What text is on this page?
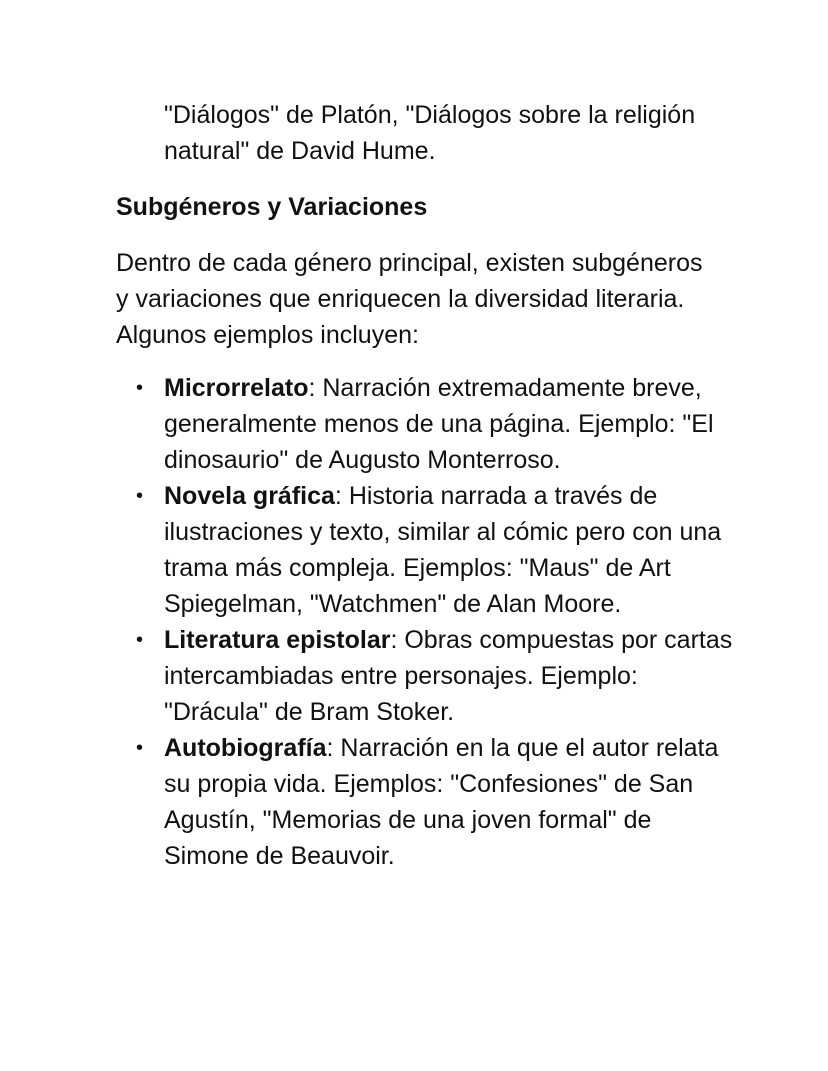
"Diálogos" de Platón, "Diálogos sobre la religión natural" de David Hume.

Subgéneros y Variaciones

Dentro de cada género principal, existen subgéneros y variaciones que enriquecen la diversidad literaria. Algunos ejemplos incluyen:

• Microrrelato: Narración extremadamente breve, generalmente menos de una página. Ejemplo: "El dinosaurio" de Augusto Monterroso.
• Novela gráfica: Historia narrada a través de ilustraciones y texto, similar al cómic pero con una trama más compleja. Ejemplos: "Maus" de Art Spiegelman, "Watchmen" de Alan Moore.
• Literatura epistolar: Obras compuestas por cartas intercambiadas entre personajes. Ejemplo: "Drácula" de Bram Stoker.
• Autobiografía: Narración en la que el autor relata su propia vida. Ejemplos: "Confesiones" de San Agustín, "Memorias de una joven formal" de Simone de Beauvoir.
